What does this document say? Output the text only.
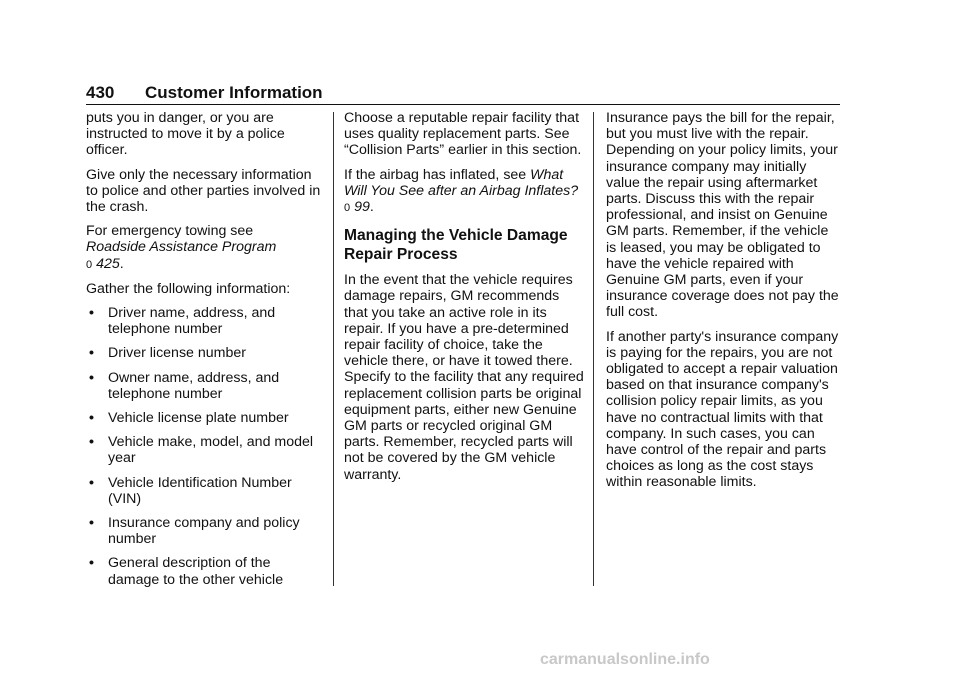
430 Customer Information

puts you in danger, or you are instructed to move it by a police officer.

Give only the necessary information to police and other parties involved in the crash.

For emergency towing see
Roadside Assistance Program
0 425.

Gather the following information:

• Driver name, address, and telephone number
• Driver license number
• Owner name, address, and telephone number
• Vehicle license plate number
• Vehicle make, model, and model year
• Vehicle Identification Number (VIN)
• Insurance company and policy number
• General description of the damage to the other vehicle

Choose a reputable repair facility that uses quality replacement parts. See “Collision Parts” earlier in this section.

If the airbag has inflated, see What Will You See after an Airbag Inflates? 0 99.

Managing the Vehicle Damage Repair Process

In the event that the vehicle requires damage repairs, GM recommends that you take an active role in its repair. If you have a pre-determined repair facility of choice, take the vehicle there, or have it towed there. Specify to the facility that any required replacement collision parts be original equipment parts, either new Genuine GM parts or recycled original GM parts. Remember, recycled parts will not be covered by the GM vehicle warranty.

Insurance pays the bill for the repair, but you must live with the repair. Depending on your policy limits, your insurance company may initially value the repair using aftermarket parts. Discuss this with the repair professional, and insist on Genuine GM parts. Remember, if the vehicle is leased, you may be obligated to have the vehicle repaired with Genuine GM parts, even if your insurance coverage does not pay the full cost.

If another party's insurance company is paying for the repairs, you are not obligated to accept a repair valuation based on that insurance company's collision policy repair limits, as you have no contractual limits with that company. In such cases, you can have control of the repair and parts choices as long as the cost stays within reasonable limits.

carmanualsonline.info
